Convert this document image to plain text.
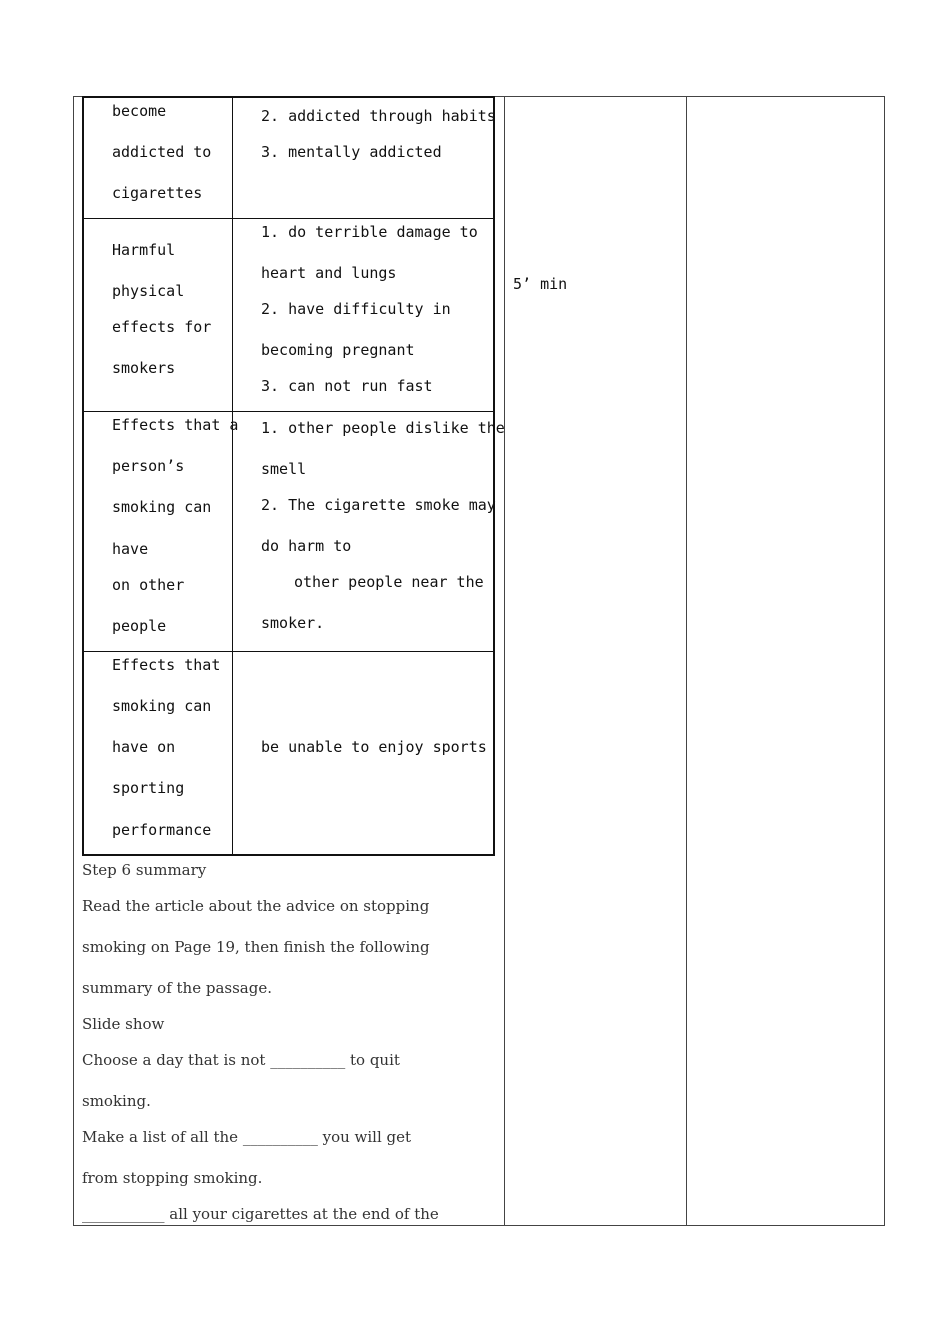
become
addicted to
cigarettes
2. addicted through habits
3. mentally addicted
Harmful
physical
effects for
smokers
1. do terrible damage to
heart and lungs
2. have difficulty in
becoming pregnant
3. can not run fast
Effects that a
person’s
smoking can
have
on other
people
1. other people dislike the
smell
2. The cigarette smoke may
do harm to
other people near the
smoker.
Effects that
smoking can
have on
sporting
performance
be unable to enjoy sports
5’ min
Step 6 summary
Read the article about the advice on stopping
smoking on Page 19, then finish the following
summary of the passage.
Slide show
Choose a day that is not __________ to quit
smoking.
Make a list of all the __________ you will get
from stopping smoking.
___________ all your cigarettes at the end of the
